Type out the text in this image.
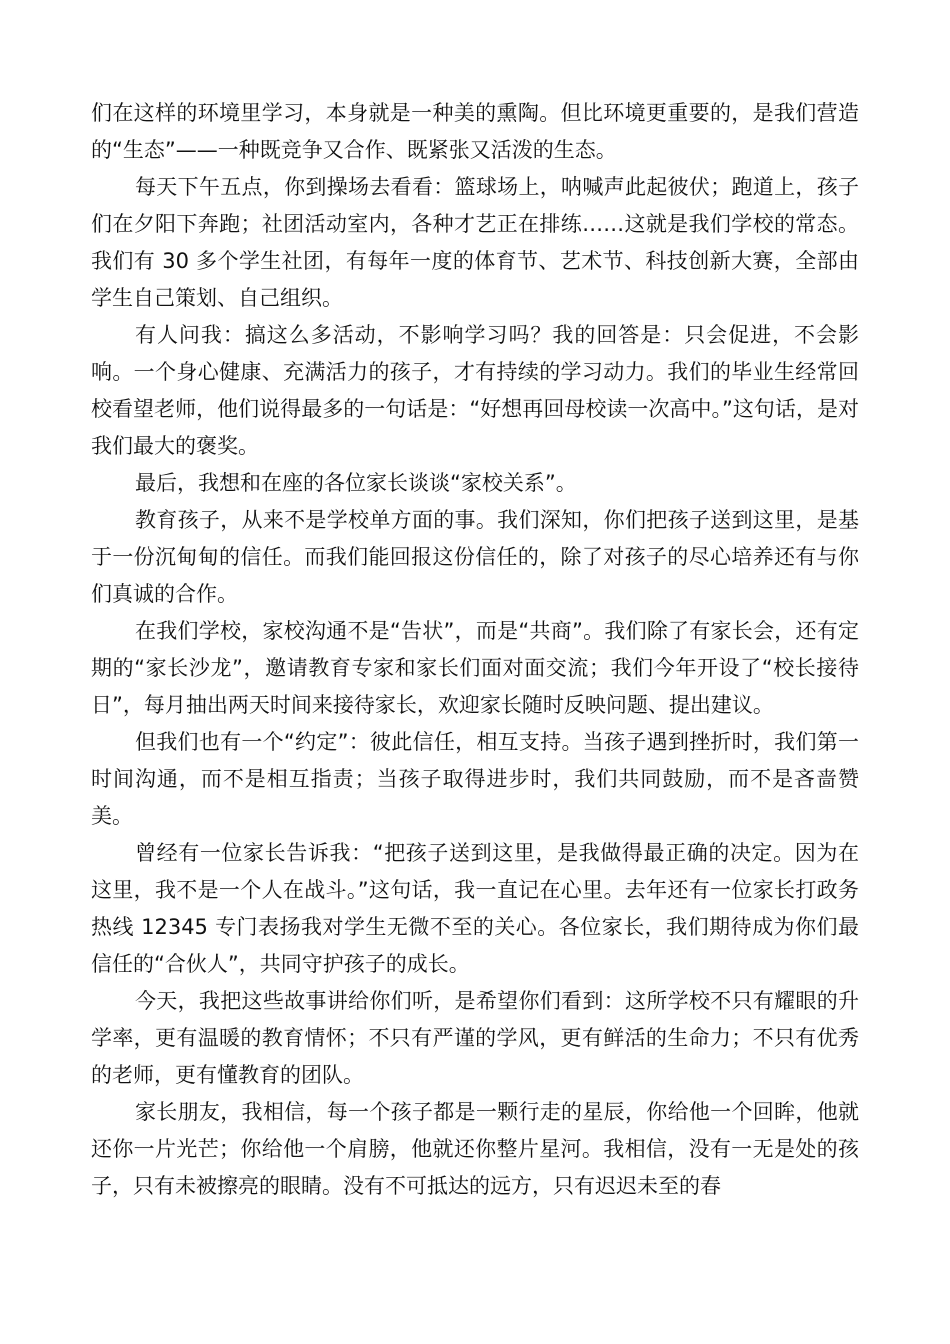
们在这样的环境里学习，本身就是一种美的熏陶。但比环境更重要的，是我们营造的“生态”——一种既竞争又合作、既紧张又活泼的生态。

每天下午五点，你到操场去看看：篮球场上，呐喊声此起彼伏；跑道上，孩子们在夕阳下奔跑；社团活动室内，各种才艺正在排练……这就是我们学校的常态。我们有 30 多个学生社团，有每年一度的体育节、艺术节、科技创新大赛，全部由学生自己策划、自己组织。

有人问我：搞这么多活动，不影响学习吗？我的回答是：只会促进，不会影响。一个身心健康、充满活力的孩子，才有持续的学习动力。我们的毕业生经常回校看望老师，他们说得最多的一句话是：“好想再回母校读一次高中。”这句话，是对我们最大的褒奖。

最后，我想和在座的各位家长谈谈“家校关系”。

教育孩子，从来不是学校单方面的事。我们深知，你们把孩子送到这里，是基于一份沉甸甸的信任。而我们能回报这份信任的，除了对孩子的尽心培养还有与你们真诚的合作。

在我们学校，家校沟通不是“告状”，而是“共商”。我们除了有家长会，还有定期的“家长沙龙”，邀请教育专家和家长们面对面交流；我们今年开设了“校长接待日”，每月抽出两天时间来接待家长，欢迎家长随时反映问题、提出建议。

但我们也有一个“约定”：彼此信任，相互支持。当孩子遇到挫折时，我们第一时间沟通，而不是相互指责；当孩子取得进步时，我们共同鼓励，而不是吝啬赞美。

曾经有一位家长告诉我：“把孩子送到这里，是我做得最正确的决定。因为在这里，我不是一个人在战斗。”这句话，我一直记在心里。去年还有一位家长打政务热线 12345 专门表扬我对学生无微不至的关心。各位家长，我们期待成为你们最信任的“合伙人”，共同守护孩子的成长。

今天，我把这些故事讲给你们听，是希望你们看到：这所学校不只有耀眼的升学率，更有温暖的教育情怀；不只有严谨的学风，更有鲜活的生命力；不只有优秀的老师，更有懂教育的团队。

家长朋友，我相信，每一个孩子都是一颗行走的星辰，你给他一个回眸，他就还你一片光芒；你给他一个肩膀，他就还你整片星河。我相信，没有一无是处的孩子，只有未被擦亮的眼睛。没有不可抵达的远方，只有迟迟未至的春
